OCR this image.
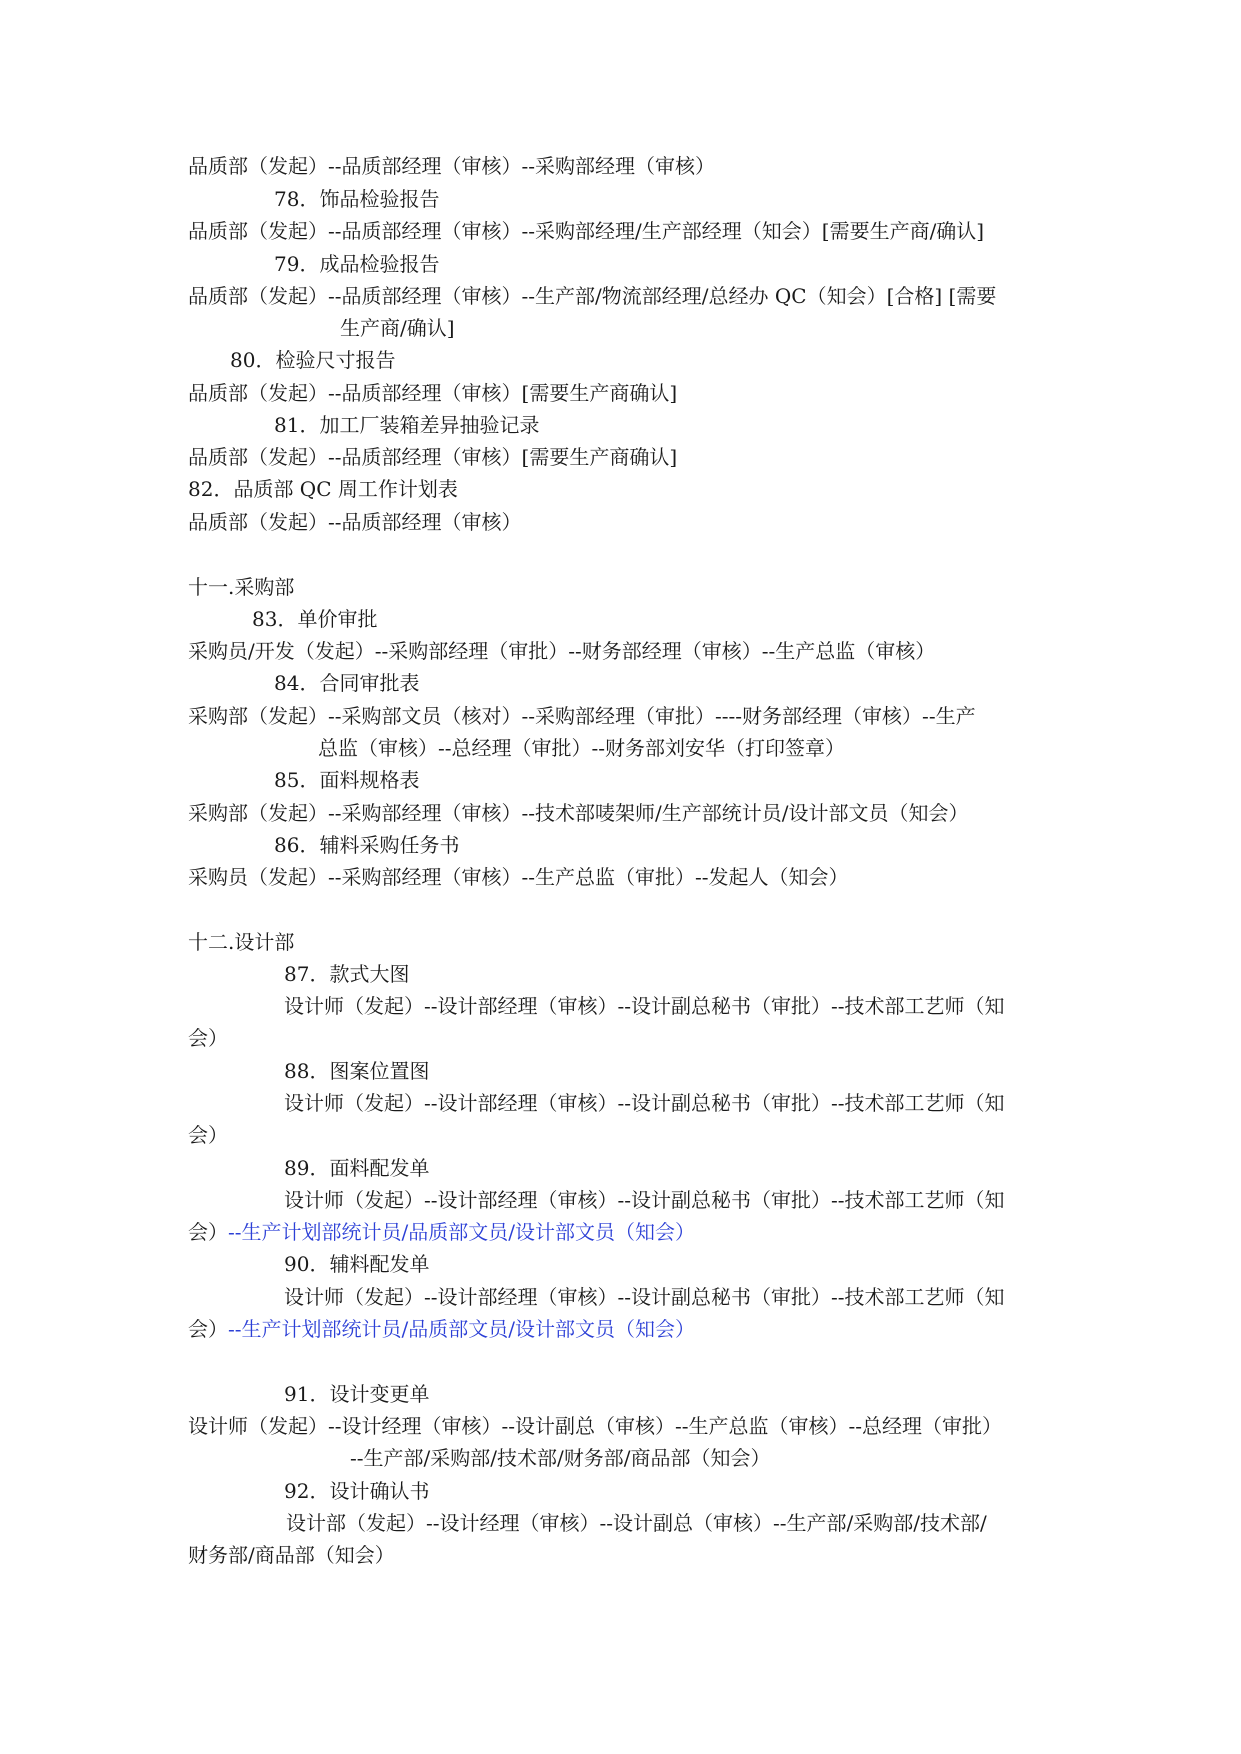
品质部（发起）--品质部经理（审核）--采购部经理（审核）
78．饰品检验报告
品质部（发起）--品质部经理（审核）--采购部经理/生产部经理（知会）[需要生产商/确认]
79．成品检验报告
品质部（发起）--品质部经理（审核）--生产部/物流部经理/总经办 QC（知会）[合格] [需要
生产商/确认]
80．检验尺寸报告
品质部（发起）--品质部经理（审核）[需要生产商确认]
81．加工厂装箱差异抽验记录
品质部（发起）--品质部经理（审核）[需要生产商确认]
82．品质部 QC 周工作计划表
品质部（发起）--品质部经理（审核）
十一.采购部
83．单价审批
采购员/开发（发起）--采购部经理（审批）--财务部经理（审核）--生产总监（审核）
84．合同审批表
采购部（发起）--采购部文员（核对）--采购部经理（审批）----财务部经理（审核）--生产
总监（审核）--总经理（审批）--财务部刘安华（打印签章）
85．面料规格表
采购部（发起）--采购部经理（审核）--技术部唛架师/生产部统计员/设计部文员（知会）
86．辅料采购任务书
采购员（发起）--采购部经理（审核）--生产总监（审批）--发起人（知会）
十二.设计部
87．款式大图
设计师（发起）--设计部经理（审核）--设计副总秘书（审批）--技术部工艺师（知
会）
88．图案位置图
设计师（发起）--设计部经理（审核）--设计副总秘书（审批）--技术部工艺师（知
会）
89．面料配发单
设计师（发起）--设计部经理（审核）--设计副总秘书（审批）--技术部工艺师（知
会）--生产计划部统计员/品质部文员/设计部文员（知会）
90．辅料配发单
设计师（发起）--设计部经理（审核）--设计副总秘书（审批）--技术部工艺师（知
会）--生产计划部统计员/品质部文员/设计部文员（知会）
91．设计变更单
设计师（发起）--设计经理（审核）--设计副总（审核）--生产总监（审核）--总经理（审批）
--生产部/采购部/技术部/财务部/商品部（知会）
92．设计确认书
设计部（发起）--设计经理（审核）--设计副总（审核）--生产部/采购部/技术部/
财务部/商品部（知会）
